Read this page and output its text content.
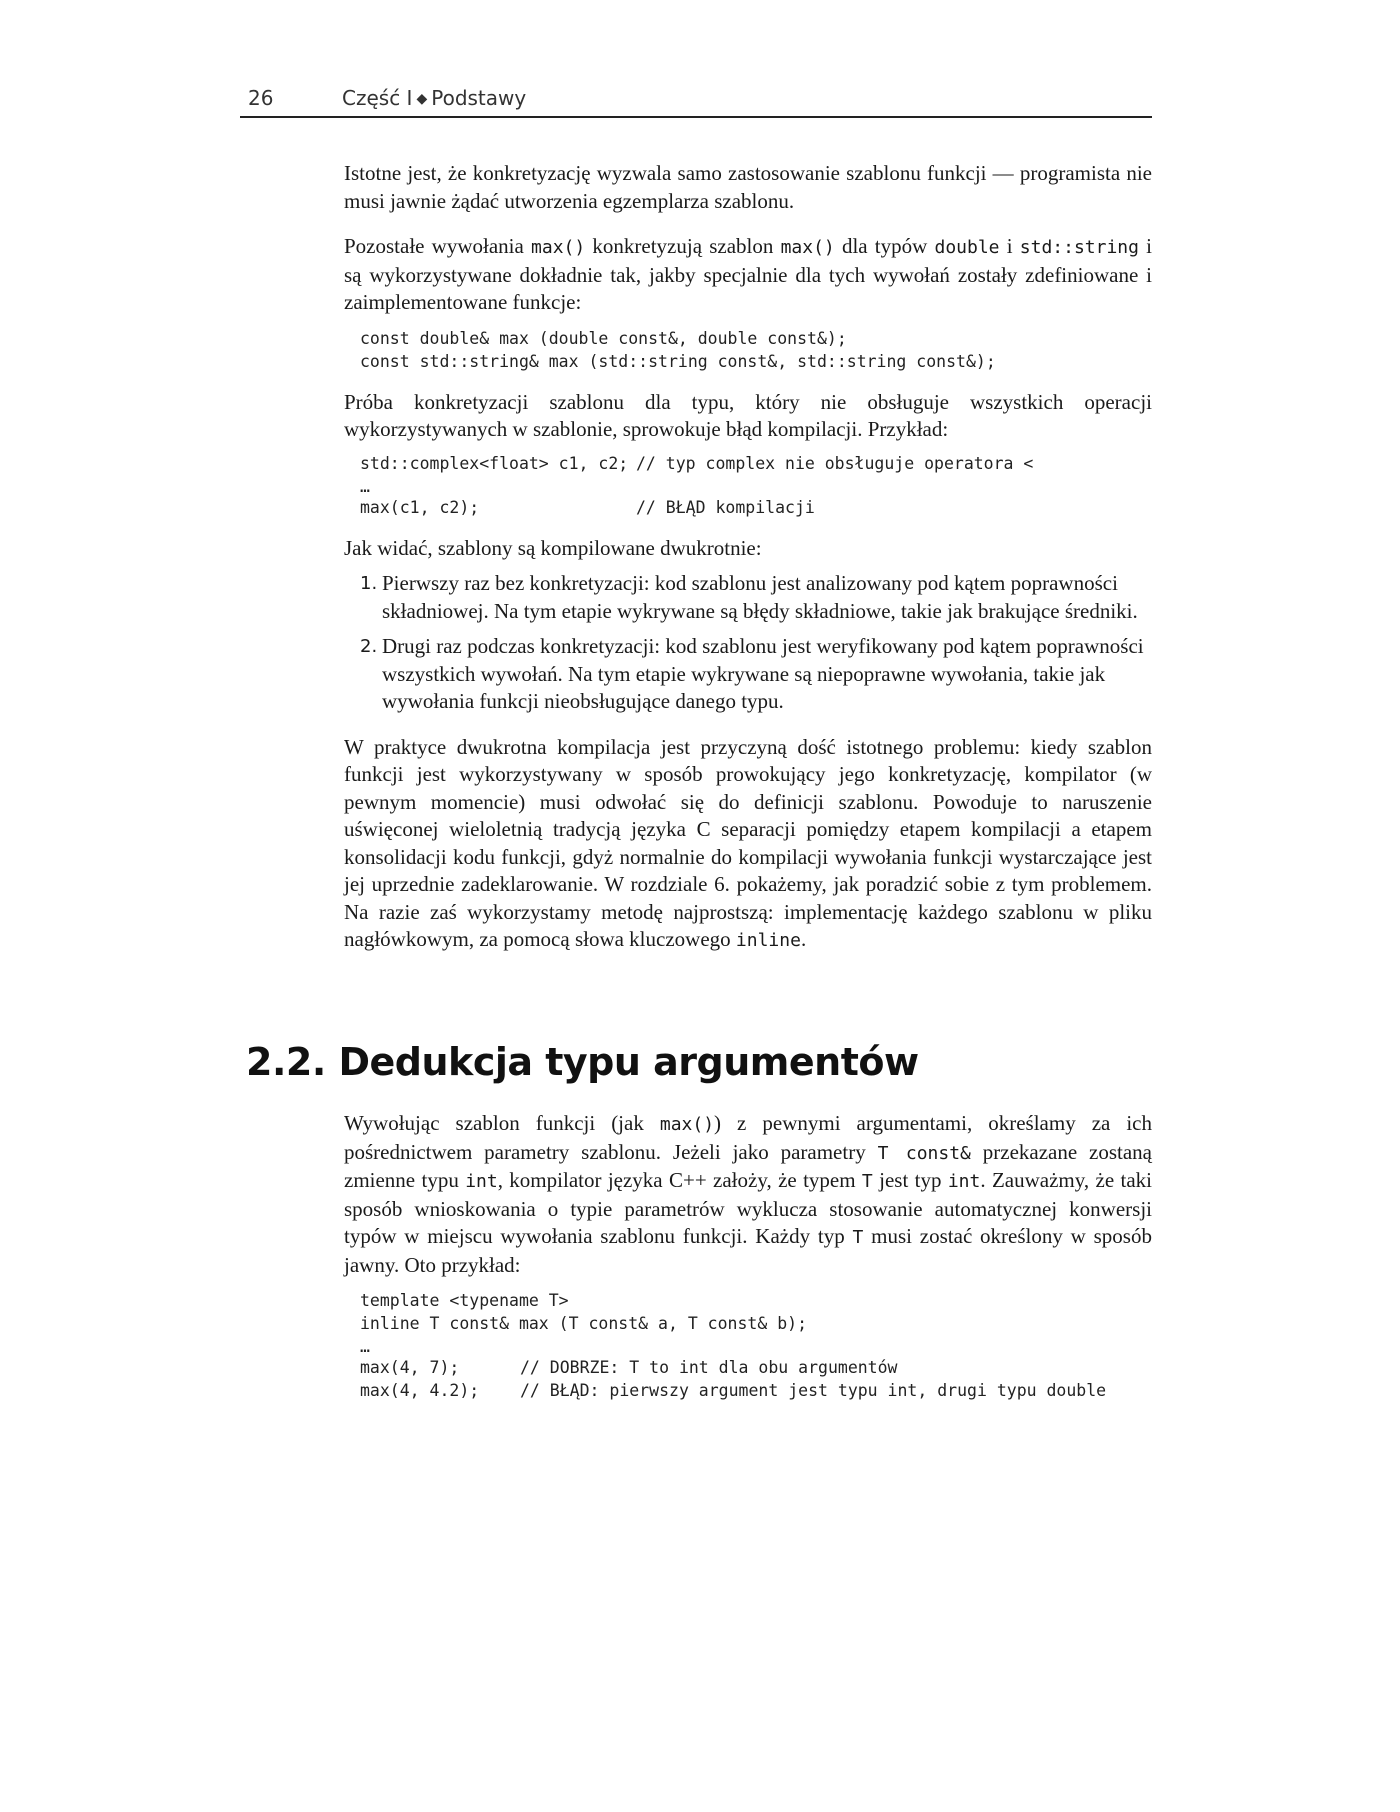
26	Część I ◆ Podstawy

Istotne jest, że konkretyzację wyzwala samo zastosowanie szablonu funkcji — programista nie musi jawnie żądać utworzenia egzemplarza szablonu.

Pozostałe wywołania max() konkretyzują szablon max() dla typów double i std::string i są wykorzystywane dokładnie tak, jakby specjalnie dla tych wywołań zostały zdefiniowane i zaimplementowane funkcje:

const double& max (double const&, double const&);
const std::string& max (std::string const&, std::string const&);

Próba konkretyzacji szablonu dla typu, który nie obsługuje wszystkich operacji wykorzystywanych w szablonie, sprowokuje błąd kompilacji. Przykład:

std::complex<float> c1, c2; // typ complex nie obsługuje operatora <
…
max(c1, c2);	// BŁĄD kompilacji

Jak widać, szablony są kompilowane dwukrotnie:

1. Pierwszy raz bez konkretyzacji: kod szablonu jest analizowany pod kątem poprawności składniowej. Na tym etapie wykrywane są błędy składniowe, takie jak brakujące średniki.
2. Drugi raz podczas konkretyzacji: kod szablonu jest weryfikowany pod kątem poprawności wszystkich wywołań. Na tym etapie wykrywane są niepoprawne wywołania, takie jak wywołania funkcji nieobsługujące danego typu.

W praktyce dwukrotna kompilacja jest przyczyną dość istotnego problemu: kiedy szablon funkcji jest wykorzystywany w sposób prowokujący jego konkretyzację, kompilator (w pewnym momencie) musi odwołać się do definicji szablonu. Powoduje to naruszenie uświęconej wieloletnią tradycją języka C separacji pomiędzy etapem kompilacji a etapem konsolidacji kodu funkcji, gdyż normalnie do kompilacji wywołania funkcji wystarczające jest jej uprzednie zadeklarowanie. W rozdziale 6. pokażemy, jak poradzić sobie z tym problemem. Na razie zaś wykorzystamy metodę najprostszą: implementację każdego szablonu w pliku nagłówkowym, za pomocą słowa kluczowego inline.

2.2. Dedukcja typu argumentów

Wywołując szablon funkcji (jak max()) z pewnymi argumentami, określamy za ich pośrednictwem parametry szablonu. Jeżeli jako parametry T const& przekazane zostaną zmienne typu int, kompilator języka C++ założy, że typem T jest typ int. Zauważmy, że taki sposób wnioskowania o typie parametrów wyklucza stosowanie automatycznej konwersji typów w miejscu wywołania szablonu funkcji. Każdy typ T musi zostać określony w sposób jawny. Oto przykład:

template <typename T>
inline T const& max (T const& a, T const& b);
…
max(4, 7);	// DOBRZE: T to int dla obu argumentów
max(4, 4.2); // BŁĄD: pierwszy argument jest typu int, drugi typu double
